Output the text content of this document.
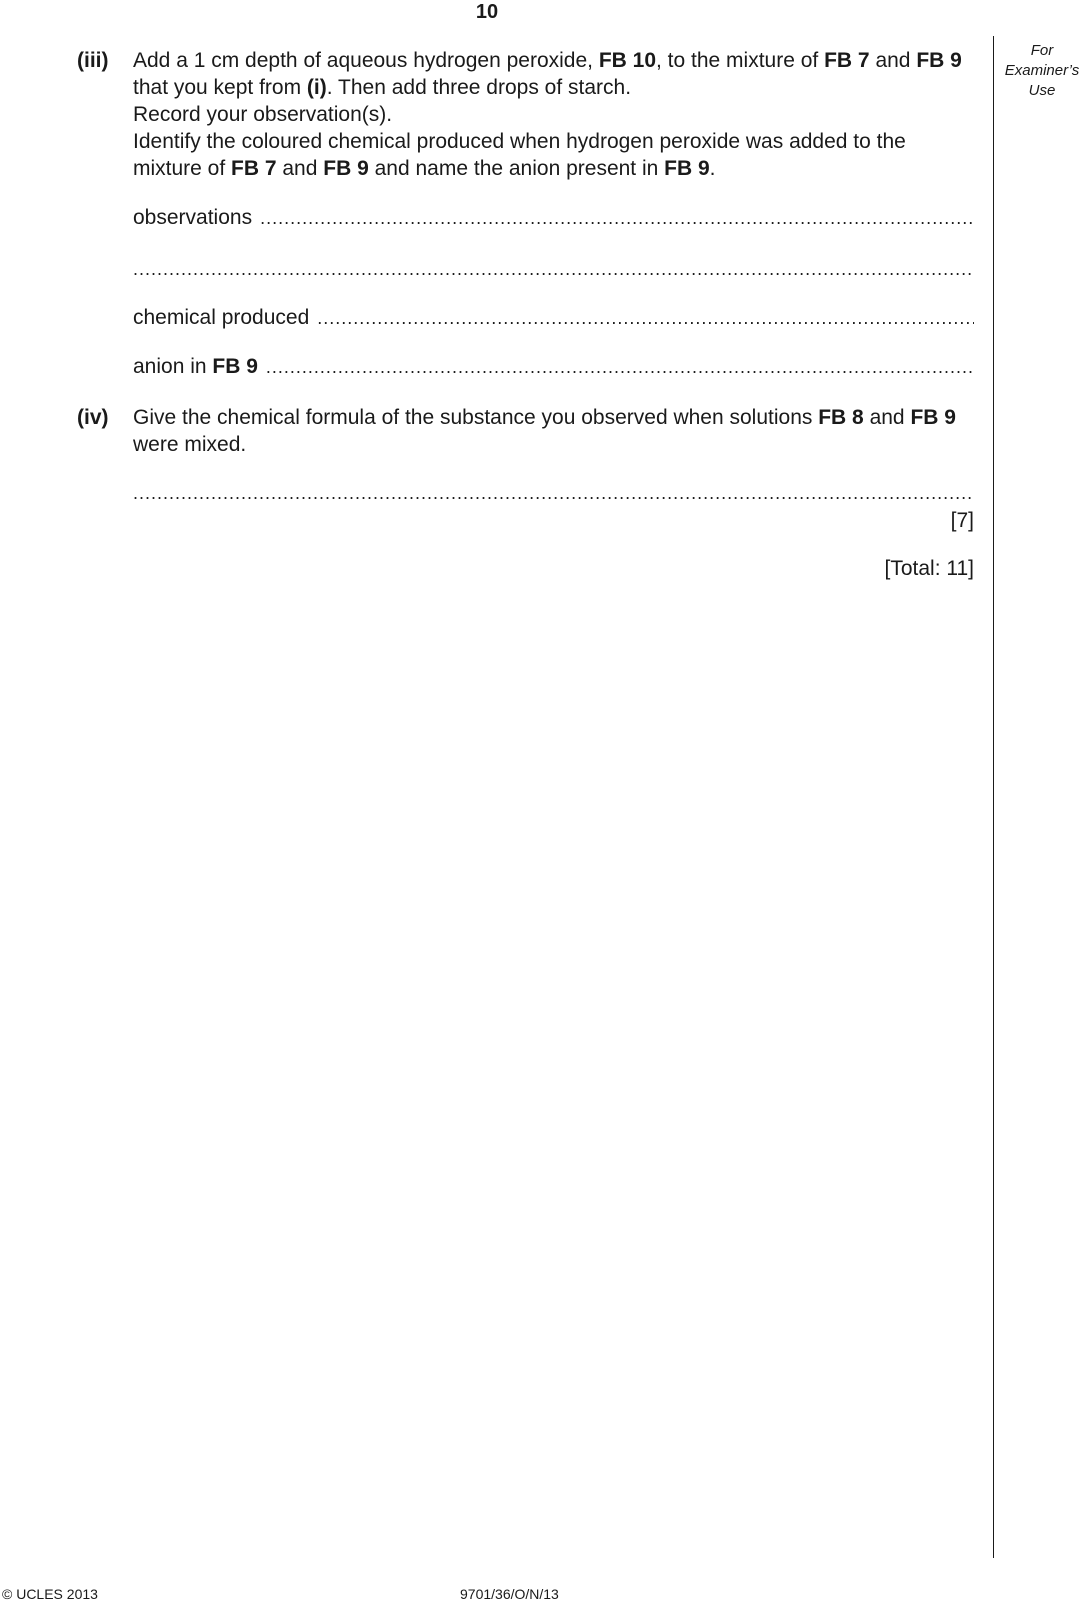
10
For
Examiner’s
Use
(iii)	Add a 1 cm depth of aqueous hydrogen peroxide, FB 10, to the mixture of FB 7 and FB 9 that you kept from (i). Then add three drops of starch.

Record your observation(s).

Identify the coloured chemical produced when hydrogen peroxide was added to the mixture of FB 7 and FB 9 and name the anion present in FB 9.

observations
.....
.....
chemical produced
.....
anion in FB 9
.....
(iv)	Give the chemical formula of the substance you observed when solutions FB 8 and FB 9 were mixed.

.....
[7]
[Total: 11]
© UCLES 2013	9701/36/O/N/13
